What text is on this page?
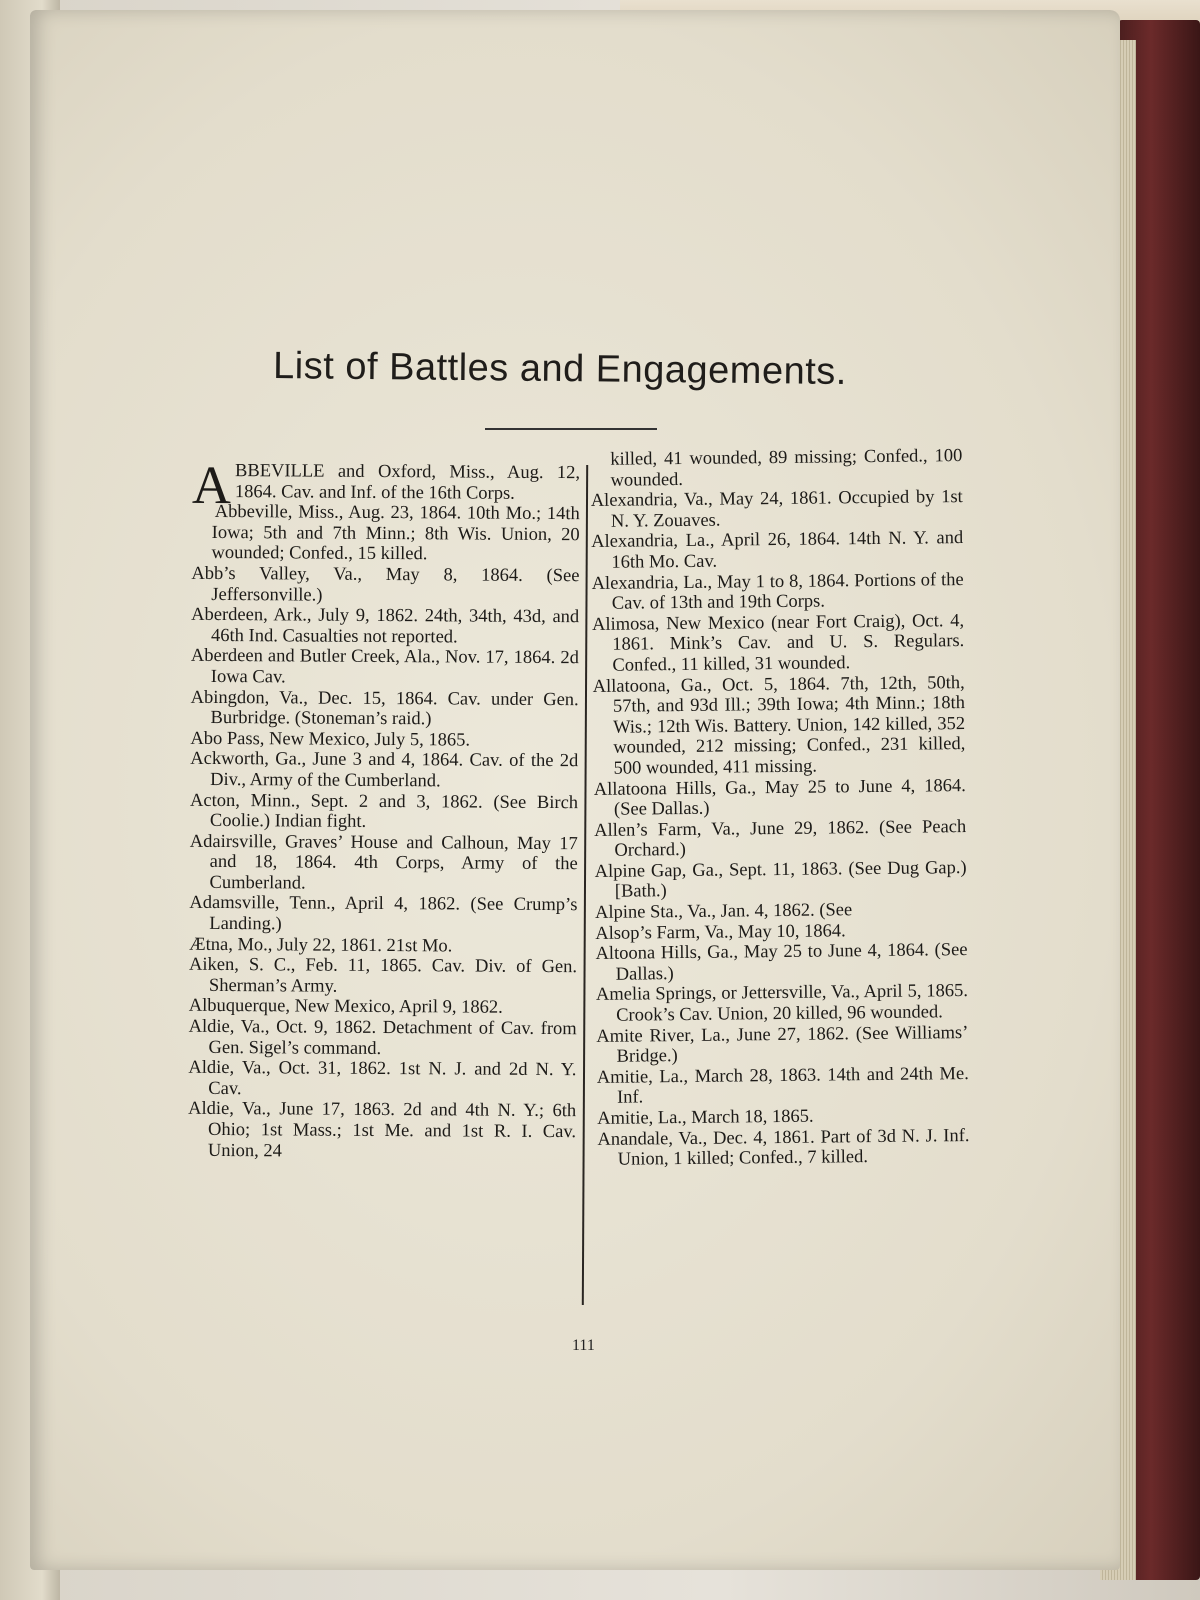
List of Battles and Engagements.

ABBEVILLE and Oxford, Miss., Aug. 12, 1864. Cav. and Inf. of the 16th Corps.

Abbeville, Miss., Aug. 23, 1864. 10th Mo.; 14th Iowa; 5th and 7th Minn.; 8th Wis. Union, 20 wounded; Confed., 15 killed.

Abb’s Valley, Va., May 8, 1864. (See Jeffersonville.)

Aberdeen, Ark., July 9, 1862. 24th, 34th, 43d, and 46th Ind. Casualties not reported.

Aberdeen and Butler Creek, Ala., Nov. 17, 1864. 2d Iowa Cav.

Abingdon, Va., Dec. 15, 1864. Cav. under Gen. Burbridge. (Stoneman’s raid.)

Abo Pass, New Mexico, July 5, 1865.

Ackworth, Ga., June 3 and 4, 1864. Cav. of the 2d Div., Army of the Cumberland.

Acton, Minn., Sept. 2 and 3, 1862. (See Birch Coolie.) Indian fight.

Adairsville, Graves’ House and Calhoun, May 17 and 18, 1864. 4th Corps, Army of the Cumberland.

Adamsville, Tenn., April 4, 1862. (See Crump’s Landing.)

Ætna, Mo., July 22, 1861. 21st Mo.

Aiken, S. C., Feb. 11, 1865. Cav. Div. of Gen. Sherman’s Army.

Albuquerque, New Mexico, April 9, 1862.

Aldie, Va., Oct. 9, 1862. Detachment of Cav. from Gen. Sigel’s command.

Aldie, Va., Oct. 31, 1862. 1st N. J. and 2d N. Y. Cav.

Aldie, Va., June 17, 1863. 2d and 4th N. Y.; 6th Ohio; 1st Mass.; 1st Me. and 1st R. I. Cav. Union, 24

killed, 41 wounded, 89 missing; Confed., 100 wounded.

Alexandria, Va., May 24, 1861. Occupied by 1st N. Y. Zouaves.

Alexandria, La., April 26, 1864. 14th N. Y. and 16th Mo. Cav.

Alexandria, La., May 1 to 8, 1864. Portions of the Cav. of 13th and 19th Corps.

Alimosa, New Mexico (near Fort Craig), Oct. 4, 1861. Mink’s Cav. and U. S. Regulars. Confed., 11 killed, 31 wounded.

Allatoona, Ga., Oct. 5, 1864. 7th, 12th, 50th, 57th, and 93d Ill.; 39th Iowa; 4th Minn.; 18th Wis.; 12th Wis. Battery. Union, 142 killed, 352 wounded, 212 missing; Confed., 231 killed, 500 wounded, 411 missing.

Allatoona Hills, Ga., May 25 to June 4, 1864. (See Dallas.)

Allen’s Farm, Va., June 29, 1862. (See Peach Orchard.)

Alpine Gap, Ga., Sept. 11, 1863. (See Dug Gap.) [Bath.)

Alpine Sta., Va., Jan. 4, 1862. (See

Alsop’s Farm, Va., May 10, 1864.

Altoona Hills, Ga., May 25 to June 4, 1864. (See Dallas.)

Amelia Springs, or Jettersville, Va., April 5, 1865. Crook’s Cav. Union, 20 killed, 96 wounded.

Amite River, La., June 27, 1862. (See Williams’ Bridge.)

Amitie, La., March 28, 1863. 14th and 24th Me. Inf.

Amitie, La., March 18, 1865.

Anandale, Va., Dec. 4, 1861. Part of 3d N. J. Inf. Union, 1 killed; Confed., 7 killed.

111
